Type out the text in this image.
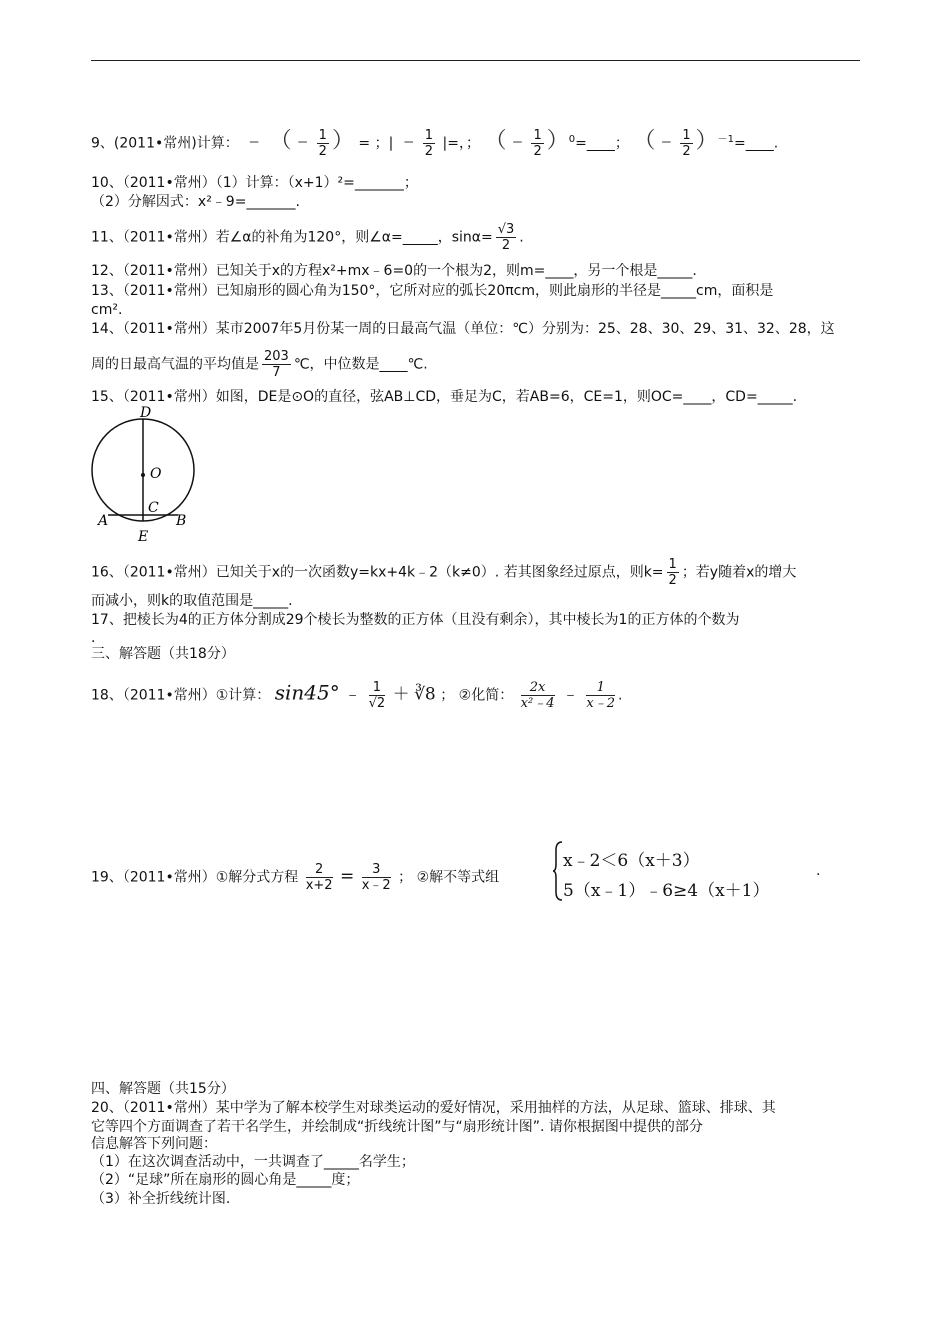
9、(2011•常州)计算： ﹣ （﹣ $\frac{1}{2}$ ） = ；| ﹣ $\frac{1}{2}$ |=，； （﹣ $\frac{1}{2}$ ）$^0$=____； （﹣ $\frac{1}{2}$ ）$^{-1}$=____.
10、（2011•常州）（1）计算：（x+1）²=_______；
（2）分解因式：x²﹣9=_______.
11、（2011•常州）若∠α的补角为120°，则∠α=_____，$\sin\alpha= \frac{√3}{2}$ .
12、（2011•常州）已知关于x的方程x²+mx﹣6=0的一个根为2，则m=____，另一个根是_____.
13、（2011•常州）已知扇形的圆心角为150°，它所对应的弧长20πcm，则此扇形的半径是_____cm，面积是
cm².
14、（2011•常州）某市2007年5月份某一周的日最高气温（单位：℃）分别为：25、28、30、29、31、32、28，这
周的日最高气温的平均值是 $\frac{203}{7}$ ℃，中位数是____℃.
15、（2011•常州）如图，DE是⊙O的直径，弦AB⊥CD，垂足为C，若AB=6，CE=1，则OC=____，CD=_____.
D
O
C
A	B
E
16、（2011•常州）已知关于x的一次函数y=kx+4k﹣2（k≠0）. 若其图象经过原点，则$k= \frac{1}{2}$ ；若y随着x的增大
而减小，则k的取值范围是_____.
17、把棱长为4的正方体分割成29个棱长为整数的正方体（且没有剩余），其中棱长为1的正方体的个数为
.
三、解答题（共18分）
18、（2011•常州）①计算： sin45° ﹣ $\frac{1}{√2}$ ＋ ∛8 ； ②化简： $\frac{2x}{\text{x²﹣4}}$ ﹣ $\frac{1}{x﹣2}$ .
19、（2011•常州）①解分式方程 $\frac{2}{x+2} = \frac{3}{x﹣2}$ ； ②解不等式组
x﹣2＜6（x＋3）
5（x﹣1）﹣6≥4（x＋1）
.
四、解答题（共15分）
20、（2011•常州）某中学为了解本校学生对球类运动的爱好情况，采用抽样的方法，从足球、篮球、排球、其
它等四个方面调查了若干名学生，并绘制成“折线统计图”与“扇形统计图”. 请你根据图中提供的部分
信息解答下列问题：
（1）在这次调查活动中，一共调查了_____名学生；
（2）“足球”所在扇形的圆心角是_____度；
（3）补全折线统计图.
